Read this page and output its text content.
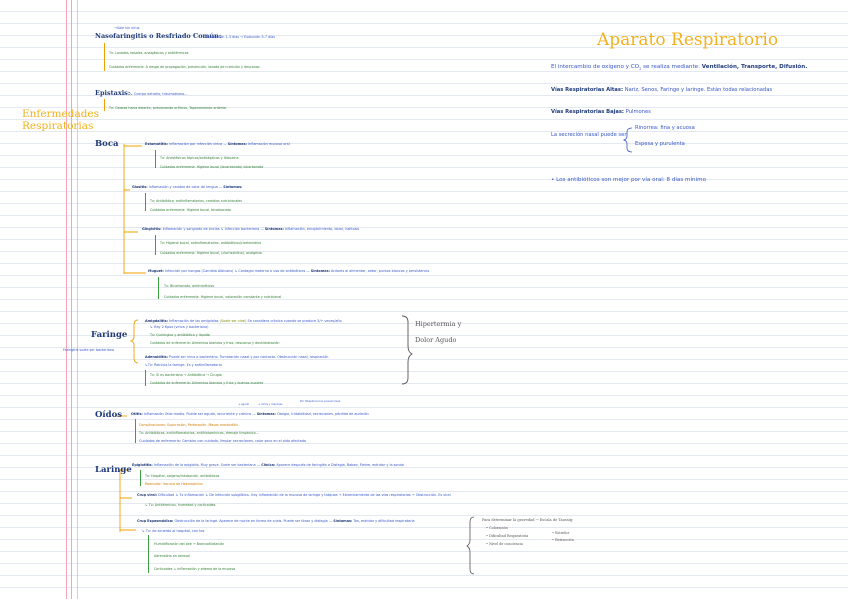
Aparato Respiratorio
Enfermedades Respiratorias
→Sale sin virus
Nasofaringitis o Resfriado Común:
Incubación 1-3 días → Evolución 5-7 días
Tx: Lavados nasales, analgésicos y antitérmicos
Cuidados enfermería: A riesgo de propagación, prevención, lavado de nutrición y descanso
Epistaxis: ↳ Cuerpo extraño, traumatismo...
Tx: Cabeza hacia delante, presionando orificios, Taponamiento anterior
Boca	Estomatitis: Inflamación por infección vírica — Síntomas: Inflamación mucosa oral
Tx: Anestésicos tópicos/antisépticos y lidocaína
Cuidados enfermería: Higiene bucal (bicarbonato) bicarbonato
Glositis: Inflamación y cambio de color de lengua — Síntomas:
Tx: Antibiótico, antiinflamatorios, cambios nutricionales
Cuidados enfermería: Higiene bucal, bicarbonato
Gingivitis: Inflamación y sangrado de encías ↳ Infección bacteriana — Síntomas: Inflamación, enrojecimiento, dolor, halitosis
Tx: Higiene bucal, antiinflamatorios, antibióticos/clorhexidina
Cuidados enfermería: Higiene bucal, (clorhexidina), analgesia
Muguet: Infección por hongos (Candida Albicans) ↳ Contagio materno o uso de antibióticos — Síntomas: Ardores al alimentar, ardor, puntos blancos y persistencia
Tx: Bicarbonato, antimicóticos
Cuidados enfermería: Higiene bucal, valoración constante y nutricional
Faringe
Faringitis suele ser bacteriana
Amigdalitis: Inflamación de las amígdalas (Suele ser viral) Se considera crónica cuando se produce 3/+ veces/año
↳ Hay 2 tipos (vírica y bacteriana)
Tx: Quirúrgico y antibiótico y líquida
Cuidados de enfermería: Alimentos blandos y fríos, descanso y deshidratación
Adenoiditis: Puede ser virus o bacteriano. Tumoración nasal y por contacto. Obstrucción nasal, respiración
↳Tx: Reinicia la faringe. Es y antiinflamatorio
Tx: Si es bacteriano → Antibiótico → Cirugía
Cuidados de enfermería: Alimentos blandos y fríos y buenas bucales
Hipertermia y
Dolor Agudo
Oídos
+ agudo	+ niños y mayores
Por Streptococcus pneumoniae
Otitis: Inflamación Oído medio. Puede ser aguda, recurrente y crónica — Síntomas: Otalgia, Irritabilidad, secreciones, pérdida de audición
Complicaciones: Supuración, Perforación, Masas mastoiditis
Tx: Antibióticos, antiinflamatorios, antihistamínicos, drenaje timpánico...
Cuidados de enfermería: Cambiar con cuidado, limpiar secreciones, calor seco en el oído afectado
Laringe Epiglotitis: Inflamación de la epiglotis. Muy grave. Suele ser bacteriana — Clínica: Aparece después de faringitis o Disfagia, Babeo, Fiebre, estridor y la sonda
Tx: Hospital, oxígeno/intubación, antibióticos
Reanudar: Vacuna de Haemophilus
Crup viral: Dificultad ↳ Tx inflamación ↳ De infección subglótica. Hay inflamación de la mucosa de laringe y tráquea → Estrechamiento de las vías respiratorias → Obstrucción. Es viral
↳ Tx: Antitérmicos, humedad y corticoides
Crup Espasmódico: Obstrucción de la laringe. Aparece de noche en forma de crisis. Puede ser tórax y disfagia — Síntomas: Tos, estridor y dificultad respiratoria
↳ Tx: de acuerdo al hospital, con tos
Humidificación del aire → Broncodilatación
Adrenalina en aerosol
Corticoides ↳ Inflamación y edema de la mucosa
Para determinar la gravedad → Escala de Taussig:
• Coloración
• Dificultad Respiratoria
• Nivel de conciencia
• Estridor
• Retracción
El intercambio de oxígeno y $CO_2$ se realiza mediante: Ventilación, Transporte, Difusión.
Vías Respiratorias Altas: Nariz, Senos, Faringe y laringe. Están todas relacionadas
Vías Respiratorias Bajas: Pulmones
La secreción nasal puede ser:
Rinorrea: fina y acuosa
Espesa y purulenta
• Los antibióticos son mejor por vía oral: 8 días mínimo
